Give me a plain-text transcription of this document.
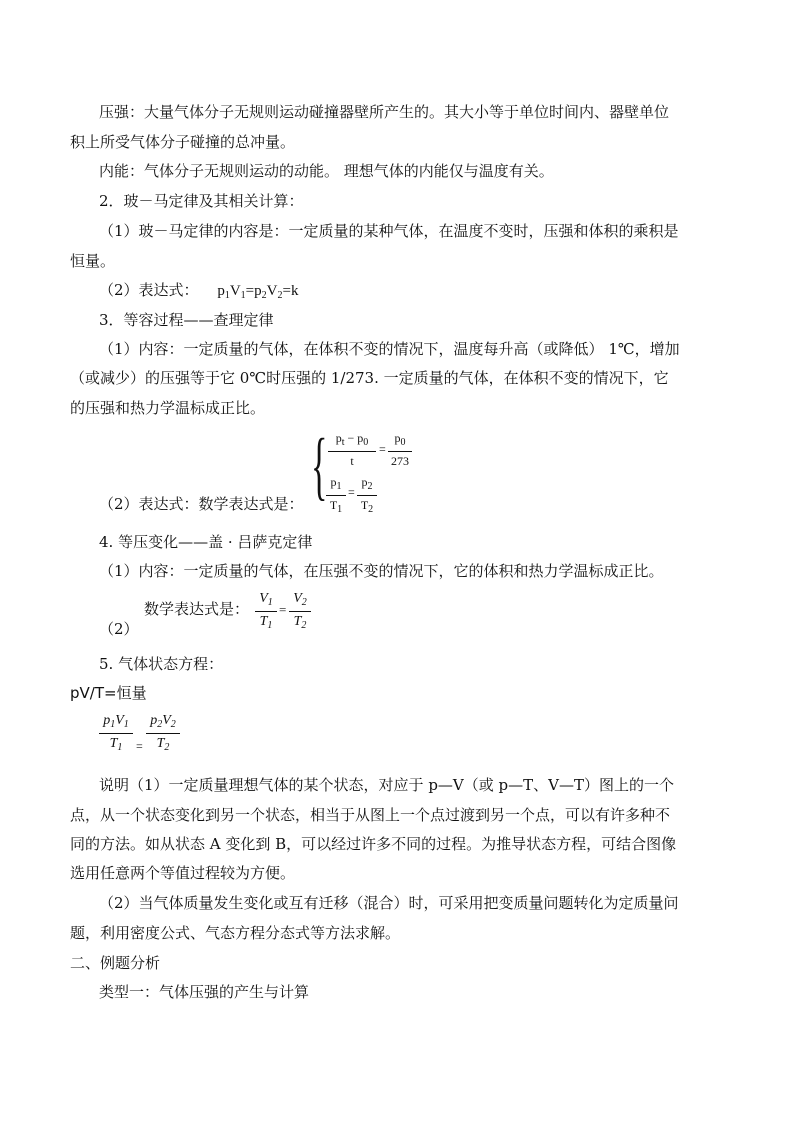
压强：大量气体分子无规则运动碰撞器壁所产生的。其大小等于单位时间内、器壁单位
积上所受气体分子碰撞的总冲量。
内能：气体分子无规则运动的动能。 理想气体的内能仅与温度有关。
2．玻－马定律及其相关计算：
（1）玻－马定律的内容是：一定质量的某种气体，在温度不变时，压强和体积的乘积是
恒量。
（2）表达式： $p_1V_1=p_2V_2=k$
3．等容过程——查理定律
（1）内容：一定质量的气体，在体积不变的情况下，温度每升高（或降低） 1℃，增加
（或减少）的压强等于它 0℃时压强的 1/273. 一定质量的气体，在体积不变的情况下，它
的压强和热力学温标成正比。
{ $p_t - p_0$
t
=
$p_0$
273
$p_1$
$T_1$
=
$p_2$
$T_2$
（2）表达式：数学表达式是：
4. 等压变化——盖 · 吕萨克定律
（1）内容：一定质量的气体，在压强不变的情况下，它的体积和热力学温标成正比。
数学表达式是：
$V_1$
$T_1$
=
$V_2$
$T_2$
（2）
5. 气体状态方程：
pV/T=恒量
$p_1V_1$
$T_1$	=
$p_2V_2$
$T_2$
说明（1）一定质量理想气体的某个状态，对应于 p—V（或 p—T、V—T）图上的一个
点，从一个状态变化到另一个状态，相当于从图上一个点过渡到另一个点，可以有许多种不
同的方法。如从状态 A 变化到 B，可以经过许多不同的过程。为推导状态方程，可结合图像
选用任意两个等值过程较为方便。
（2）当气体质量发生变化或互有迁移（混合）时，可采用把变质量问题转化为定质量问
题，利用密度公式、气态方程分态式等方法求解。
二、例题分析
类型一：气体压强的产生与计算
